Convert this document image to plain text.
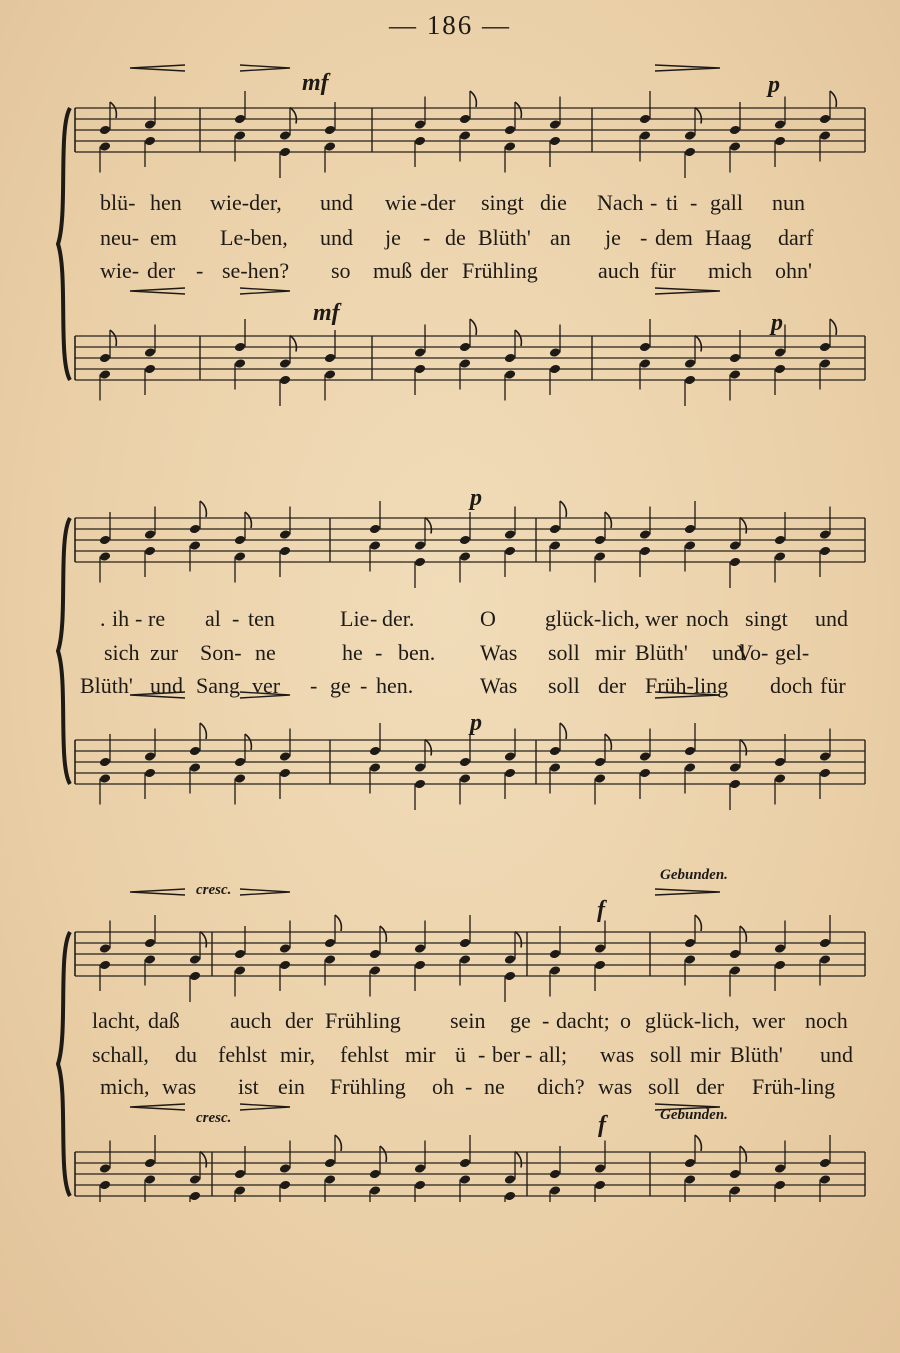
— 186 —
mf	p
mf	p
blü- hen wie-der, und wie -der singt die Nach - ti - gall nun
neu- em Le-ben, und je - de Blüth' an je - dem Haag darf
wie- der - se-hen? so muß der Frühling	auch für mich ohn'
p
p
. ih - re al - ten	Lie - der.	O glück-lich, wer noch singt und
sich zur Son- ne	he - ben. Was soll mir Blüth' und
Vo- gel-
Blüth' und Sang ver - ge - hen.	Was soll der Früh-ling doch für
cresc.
f
Gebunden.
cresc.	f	Gebunden.
lacht, daß auch der Frühling sein ge - dacht; o glück-lich, wer noch
schall, du fehlst mir, fehlst mir ü - ber - all; was soll mir Blüth' und
mich, was ist ein Frühling oh - ne dich? was soll der Früh-ling
